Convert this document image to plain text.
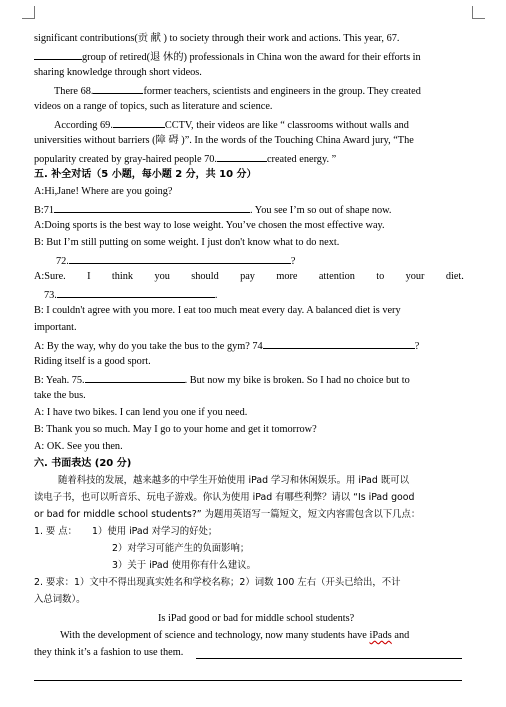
significant contributions(贡 献 ) to society through their work and actions. This year, 67.
group of retired(退 休的) professionals in China won the award for their efforts in
sharing knowledge through short videos.
There 68.	former teachers, scientists and engineers in the group. They created
videos on a range of topics, such as literature and science.
According 69.	CCTV, their videos are like “ classrooms without walls and
universities without barriers (障 碍 )”. In the words of the Touching China Award jury, “The
popularity created by gray-haired people 70.	created energy. ”
五. 补全对话（5 小题，每小题 2 分，共 10 分）
A:Hi,Jane! Where are you going?
B:71	. You see I’m so out of shape now.
A:Doing sports is the best way to lose weight. You’ve chosen the most effective way.
B: But I’m still putting on some weight. I just don't know what to do next.
72.	?
A:Sure. I think you should pay more attention to your diet.
73.	.
B: I couldn't agree with you more. I eat too much meat every day. A balanced diet is very
important.
A: By the way, why do you take the bus to the gym? 74	?
Riding itself is a good sport.
B: Yeah. 75.	. But now my bike is broken. So I had no choice but to
take the bus.
A: I have two bikes. I can lend you one if you need.
B: Thank you so much. May I go to your home and get it tomorrow?
A: OK. See you then.
六. 书面表达 (20 分)
随着科技的发展，越来越多的中学生开始使用 iPad 学习和休闲娱乐。用 iPad 既可以
读电子书，也可以听音乐、玩电子游戏。你认为使用 iPad 有哪些利弊？请以 “Is iPad good
or bad for middle school students?” 为题用英语写一篇短文，短文内容需包含以下几点：
1. 要 点： 1）使用 iPad 对学习的好处；
2）对学习可能产生的负面影响；
3）关于 iPad 使用你有什么建议。
2. 要求：1）文中不得出现真实姓名和学校名称；2）词数 100 左右（开头已给出，不计
入总词数）。
Is iPad good or bad for middle school students?
With the development of science and technology, now many students have iPads and
they think it’s a fashion to use them.
